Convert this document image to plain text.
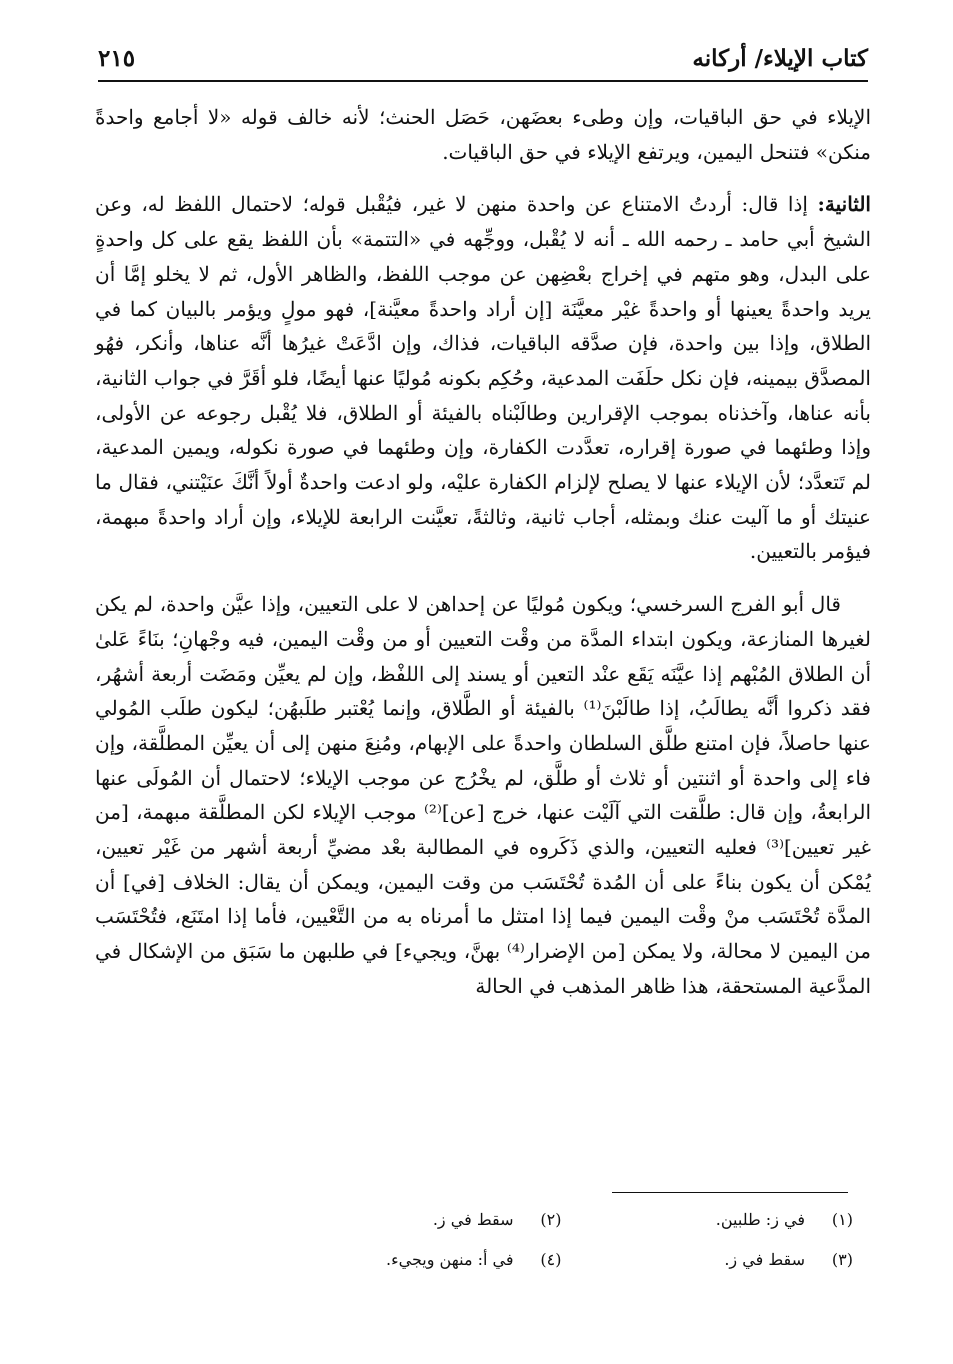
كتاب الإيلاء/ أركانه
٢١٥

الإيلاء في حق الباقيات، وإن وطىء بعضَهن، حَصَل الحنث؛ لأنه خالف قوله «لا أجامع واحدةً منكن» فتنحل اليمين، ويرتفع الإيلاء في حق الباقيات.

الثانية: إذا قال: أردتُ الامتناع عن واحدة منهن لا غير، فيُقْبل قوله؛ لاحتمال اللفظ له، وعن الشيخ أبي حامد ـ رحمه الله ـ أنه لا يُقْبل، ووجِّهه في «التتمة» بأن اللفظ يقع على كل واحدةٍ على البدل، وهو متهم في إخراج بعْضِهن عن موجب اللفظ، والظاهر الأول، ثم لا يخلو إمَّا أن يريد واحدةً يعينها أو واحدةً غيْر معيَّنَة [إن أراد واحدةً معيَّنة]، فهو مولٍ ويؤمر بالبيان كما في الطلاق، وإذا بين واحدة، فإن صدَّقه الباقيات، فذاك، وإن ادَّعَتْ غيرُها أنَّه عناها، وأنكر، فهُو المصدَّق بيمينه، فإن نكل حلَفَت المدعية، وحُكِم بكونه مُوليًا عنها أيضًا، فلو أقَرَّ في جواب الثانية، بأنه عناها، وآخذناه بموجب الإقرارين وطالَبْناه بالفيئة أو الطلاق، فلا يُقْبل رجوعه عن الأولى، وإذا وطئهما في صورة إقراره، تعدَّدت الكفارة، وإن وطئهما في صورة نكوله، ويمين المدعية، لم تَتعدَّد؛ لأن الإيلاء عنها لا يصلح لإلزام الكفارة عليْه، ولو ادعت واحدةٌ أولاً أنَّكَ عنَيْتني، فقال ما عنيتك أو ما آليت عنك وبمثله، أجاب ثانية، وثالثةً، تعيَّنت الرابعة للإيلاء، وإن أراد واحدةً مبهمة، فيؤمر بالتعيين.

قال أبو الفرج السرخسي؛ ويكون مُوليًا عن إحداهن لا على التعيين، وإذا عيَّن واحدة، لم يكن لغيرها المنازعة، ويكون ابتداء المدَّة من وقْت التعيين أو من وقْت اليمين، فيه وجْهانِ؛ بنَاءً عَلىٰ أن الطلاق المُبْهم إذا عيَّنَه يَقَع عنْد التعين أو يسند إلى اللفْظ، وإن لم يعيِّن ومَضَت أربعة أشهُر، فقد ذكروا أنَّه يطالَبُ، إذا طالَبْنَ⁽¹⁾ بالفيئة أو الطَّلاق، وإنما يُعْتبر طلَبهُن؛ ليكون طلَب المُولي عنها حاصلاً، فإن امتنع طلَّق السلطان واحدةً على الإبهام، ومُنِعَ منهن إلى أن يعيِّن المطلَّقة، وإن فاء إلى واحدة أو اثنتين أو ثلاث أو طلَّق، لم يخْرُج عن موجب الإيلاء؛ لاحتمال أن المُولَى عنها الرابعةُ، وإن قال: طلَّقت التي آلَيْت عنها، خرج [عن]⁽²⁾ موجب الإيلاء لكن المطلَّقة مبهمة، [من غير تعيين]⁽³⁾ فعليه التعيين، والذي ذَكَروه في المطالبة بعْد مضيِّ أربعة أشهر من غَيْر تعيين، يُمْكن أن يكون بناءً على أن المُدة تُحْتَسَب من وقت اليمين، ويمكن أن يقال: الخلاف [في] أن المدَّة تُحْتَسَب منْ وقْت اليمين فيما إذا امتثل ما أمرناه به من التَّعْيين، فأما إذا امتَنَع، فتُحْتَسَب من اليمين لا محالة، ولا يمكن [من الإضرار⁽⁴⁾ بهنَّ، ويجيء] في طلبهن ما سَبَق من الإشكال في المدَّعية المستحقة، هذا ظاهر المذهب في الحالة

(١)
في ز: طلبين.
(٢)
سقط في ز.
(٣)
سقط في ز.
(٤)
في أ: منهن ويجيء.
